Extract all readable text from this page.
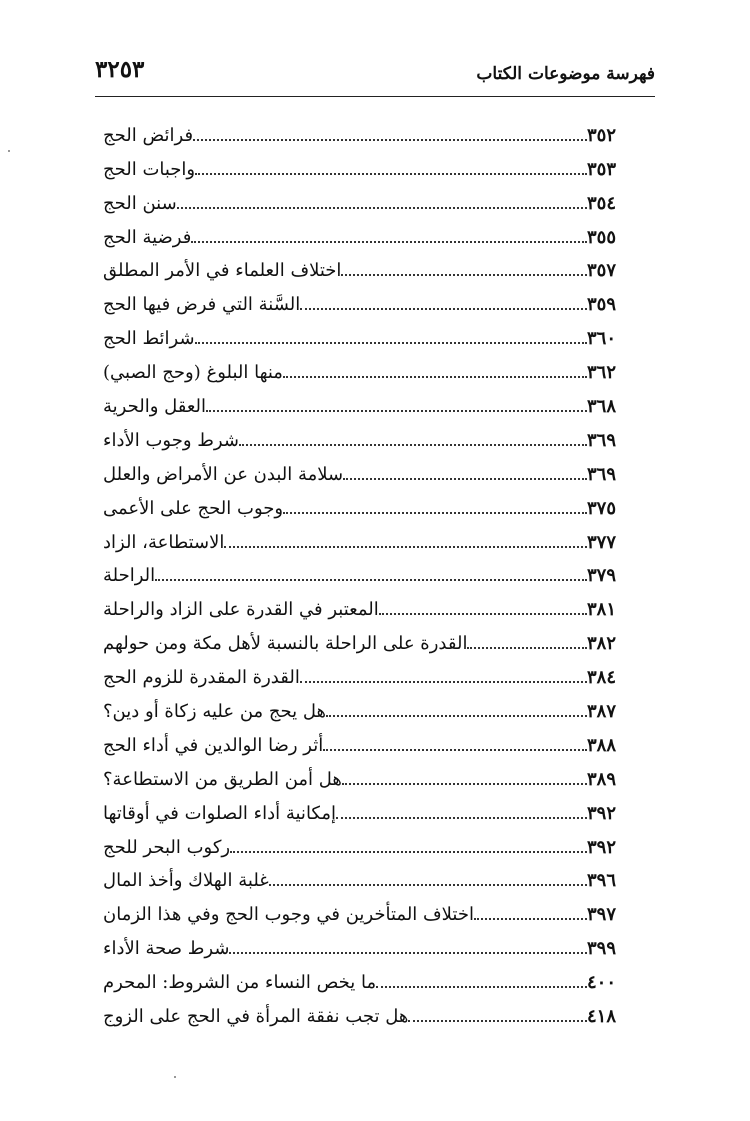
فهرسة موضوعات الكتاب
٣٢٥٣
فرائض الحج	٣٥٢
واجبات الحج	٣٥٣
سنن الحج	٣٥٤
فرضية الحج	٣٥٥
اختلاف العلماء في الأمر المطلق	٣٥٧
السَّنة التي فرض فيها الحج	٣٥٩
شرائط الحج	٣٦٠
منها البلوغ (وحج الصبي)	٣٦٢
العقل والحرية	٣٦٨
شرط وجوب الأداء	٣٦٩
سلامة البدن عن الأمراض والعلل	٣٦٩
وجوب الحج على الأعمى	٣٧٥
الاستطاعة، الزاد	٣٧٧
الراحلة	٣٧٩
المعتبر في القدرة على الزاد والراحلة	٣٨١
القدرة على الراحلة بالنسبة لأهل مكة ومن حولهم	٣٨٢
القدرة المقدرة للزوم الحج	٣٨٤
هل يحج من عليه زكاة أو دين؟	٣٨٧
أثر رضا الوالدين في أداء الحج	٣٨٨
هل أمن الطريق من الاستطاعة؟	٣٨٩
إمكانية أداء الصلوات في أوقاتها	٣٩٢
ركوب البحر للحج	٣٩٢
غلبة الهلاك وأخذ المال	٣٩٦
اختلاف المتأخرين في وجوب الحج وفي هذا الزمان	٣٩٧
شرط صحة الأداء	٣٩٩
ما يخص النساء من الشروط: المحرم	٤٠٠
هل تجب نفقة المرأة في الحج على الزوج	٤١٨
